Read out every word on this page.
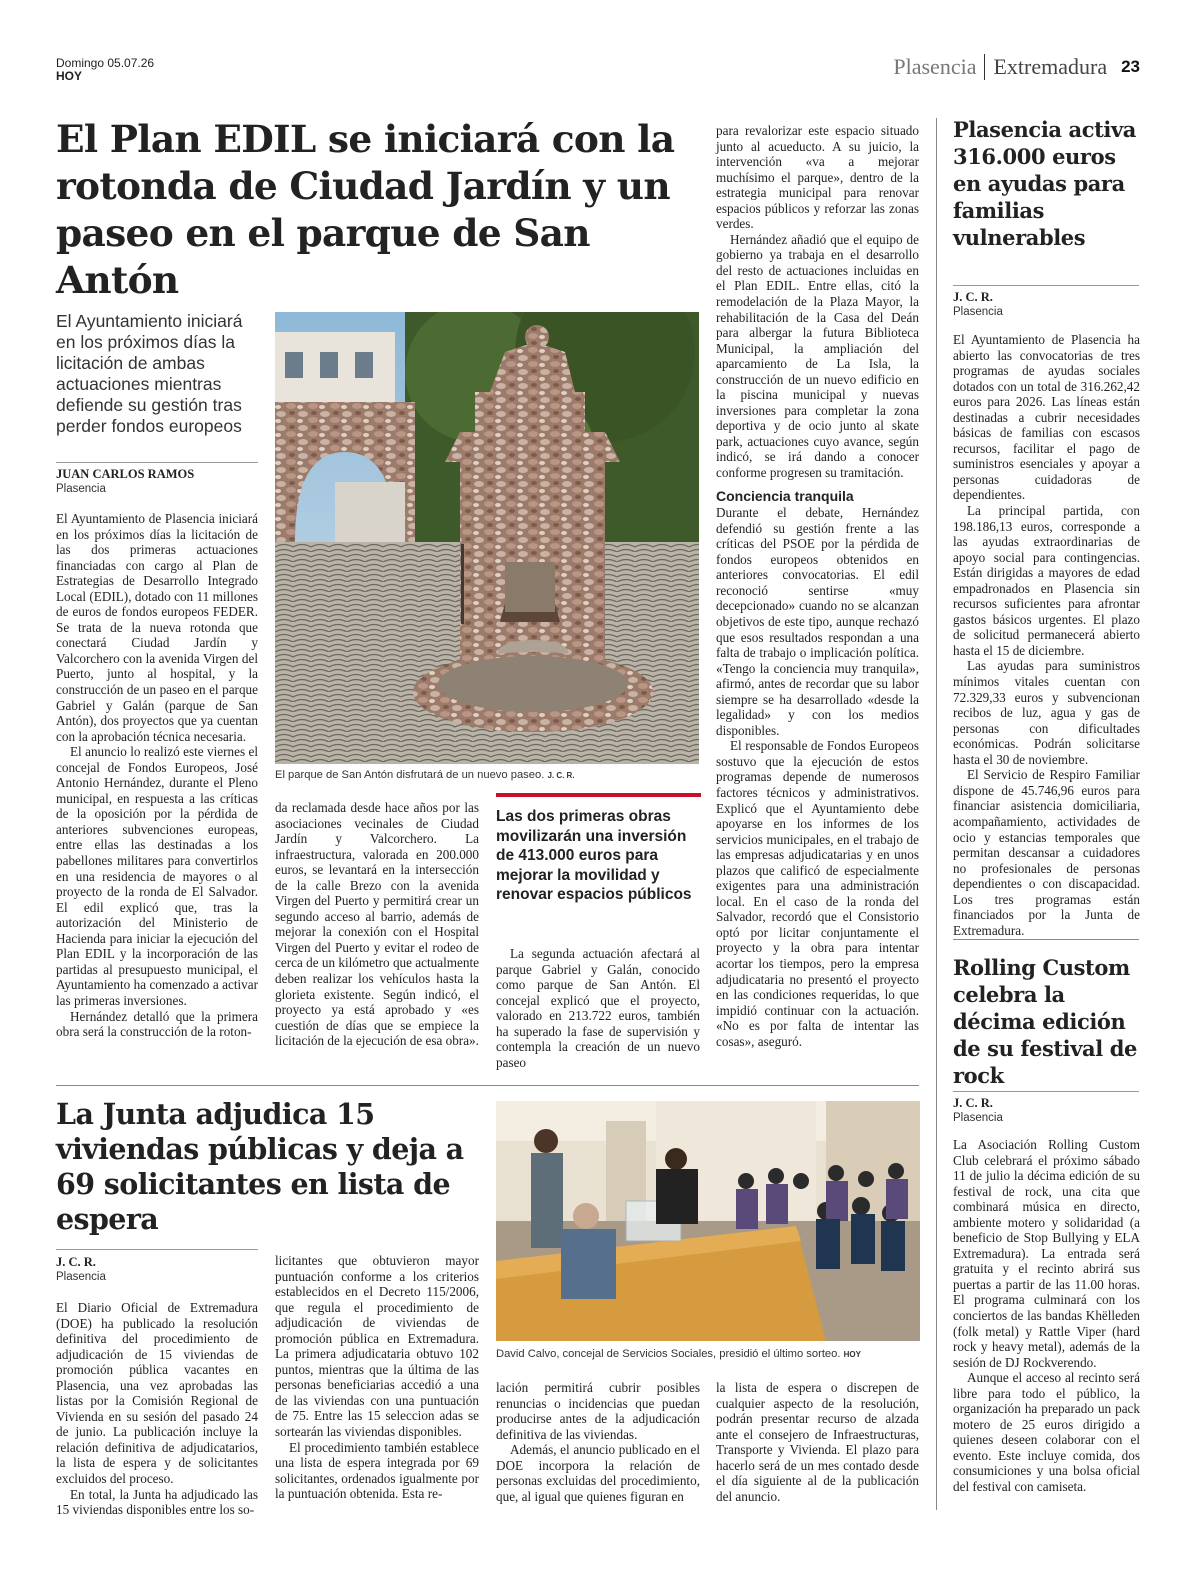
Domingo 05.07.26
HOY	Plasencia Extremadura 23
El Plan EDIL se iniciará con la rotonda de Ciudad Jardín y un paseo en el parque de San Antón
El Ayuntamiento iniciará en los próximos días la licitación de ambas actuaciones mientras defiende su gestión tras perder fondos europeos
JUAN CARLOS RAMOS
Plasencia

El Ayuntamiento de Plasencia iniciará en los próximos días la licitación de las dos primeras actuaciones financiadas con cargo al Plan de Estrategias de Desarrollo Integrado Local (EDIL), dotado con 11 millones de euros de fondos europeos FEDER. Se trata de la nueva rotonda que conectará Ciudad Jardín y Valcorchero con la avenida Virgen del Puerto, junto al hospital, y la construcción de un paseo en el parque Gabriel y Galán (parque de San Antón), dos proyectos que ya cuentan con la aprobación técnica necesaria.

El anuncio lo realizó este viernes el concejal de Fondos Europeos, José Antonio Hernández, durante el Pleno municipal, en respuesta a las críticas de la oposición por la pérdida de anteriores subvenciones europeas, entre ellas las destinadas a los pabellones militares para convertirlos en una residencia de mayores o al proyecto de la ronda de El Salvador. El edil explicó que, tras la autorización del Ministerio de Hacienda para iniciar la ejecución del Plan EDIL y la incorporación de las partidas al presupuesto municipal, el Ayuntamiento ha comenzado a activar las primeras inversiones.

Hernández detalló que la primera obra será la construcción de la roton-

El parque de San Antón disfrutará de un nuevo paseo. J. C. R.

da reclamada desde hace años por las asociaciones vecinales de Ciudad Jardín y Valcorchero. La infraestructura, valorada en 200.000 euros, se levantará en la intersección de la calle Brezo con la avenida Virgen del Puerto y permitirá crear un segundo acceso al barrio, además de mejorar la conexión con el Hospital Virgen del Puerto y evitar el rodeo de cerca de un kilómetro que actualmente deben realizar los vehículos hasta la glorieta existente. Según indicó, el proyecto ya está aprobado y «es cuestión de días que se empiece la licitación de la ejecución de esa obra».

Las dos primeras obras movilizarán una inversión de 413.000 euros para mejorar la movilidad y renovar espacios públicos

La segunda actuación afectará al parque Gabriel y Galán, conocido como parque de San Antón. El concejal explicó que el proyecto, valorado en 213.722 euros, también ha superado la fase de supervisión y contempla la creación de un nuevo paseo

para revalorizar este espacio situado junto al acueducto. A su juicio, la intervención «va a mejorar muchísimo el parque», dentro de la estrategia municipal para renovar espacios públicos y reforzar las zonas verdes.

Hernández añadió que el equipo de gobierno ya trabaja en el desarrollo del resto de actuaciones incluidas en el Plan EDIL. Entre ellas, citó la remodelación de la Plaza Mayor, la rehabilitación de la Casa del Deán para albergar la futura Biblioteca Municipal, la ampliación del aparcamiento de La Isla, la construcción de un nuevo edificio en la piscina municipal y nuevas inversiones para completar la zona deportiva y de ocio junto al skate park, actuaciones cuyo avance, según indicó, se irá dando a conocer conforme progresen su tramitación.

Conciencia tranquila

Durante el debate, Hernández defendió su gestión frente a las críticas del PSOE por la pérdida de fondos europeos obtenidos en anteriores convocatorias. El edil reconoció sentirse «muy decepcionado» cuando no se alcanzan objetivos de este tipo, aunque rechazó que esos resultados respondan a una falta de trabajo o implicación política. «Tengo la conciencia muy tranquila», afirmó, antes de recordar que su labor siempre se ha desarrollado «desde la legalidad» y con los medios disponibles.

El responsable de Fondos Europeos sostuvo que la ejecución de estos programas depende de numerosos factores técnicos y administrativos. Explicó que el Ayuntamiento debe apoyarse en los informes de los servicios municipales, en el trabajo de las empresas adjudicatarias y en unos plazos que calificó de especialmente exigentes para una administración local. En el caso de la ronda del Salvador, recordó que el Consistorio optó por licitar conjuntamente el proyecto y la obra para intentar acortar los tiempos, pero la empresa adjudicataria no presentó el proyecto en las condiciones requeridas, lo que impidió continuar con la actuación. «No es por falta de intentar las cosas», aseguró.

La Junta adjudica 15 viviendas públicas y deja a 69 solicitantes en lista de espera
J. C. R.
Plasencia

El Diario Oficial de Extremadura (DOE) ha publicado la resolución definitiva del procedimiento de adjudicación de 15 viviendas de promoción pública vacantes en Plasencia, una vez aprobadas las listas por la Comisión Regional de Vivienda en su sesión del pasado 24 de junio. La publicación incluye la relación definitiva de adjudicatarios, la lista de espera y de solicitantes excluidos del proceso.

En total, la Junta ha adjudicado las 15 viviendas disponibles entre los so-

licitantes que obtuvieron mayor puntuación conforme a los criterios establecidos en el Decreto 115/2006, que regula el procedimiento de adjudicación de viviendas de promoción pública en Extremadura. La primera adjudicataria obtuvo 102 puntos, mientras que la última de las personas beneficiarias accedió a una de las viviendas con una puntuación de 75. Entre las 15 seleccion adas se sortearán las viviendas disponibles.

El procedimiento también establece una lista de espera integrada por 69 solicitantes, ordenados igualmente por la puntuación obtenida. Esta re-

David Calvo, concejal de Servicios Sociales, presidió el último sorteo. HOY

lación permitirá cubrir posibles renuncias o incidencias que puedan producirse antes de la adjudicación definitiva de las viviendas.

Además, el anuncio publicado en el DOE incorpora la relación de personas excluidas del procedimiento, que, al igual que quienes figuran en

la lista de espera o discrepen de cualquier aspecto de la resolución, podrán presentar recurso de alzada ante el consejero de Infraestructuras, Transporte y Vivienda. El plazo para hacerlo será de un mes contado desde el día siguiente al de la publicación del anuncio.

Plasencia activa 316.000 euros en ayudas para familias vulnerables
J. C. R.
Plasencia

El Ayuntamiento de Plasencia ha abierto las convocatorias de tres programas de ayudas sociales dotados con un total de 316.262,42 euros para 2026. Las líneas están destinadas a cubrir necesidades básicas de familias con escasos recursos, facilitar el pago de suministros esenciales y apoyar a personas cuidadoras de dependientes.

La principal partida, con 198.186,13 euros, corresponde a las ayudas extraordinarias de apoyo social para contingencias. Están dirigidas a mayores de edad empadronados en Plasencia sin recursos suficientes para afrontar gastos básicos urgentes. El plazo de solicitud permanecerá abierto hasta el 15 de diciembre.

Las ayudas para suministros mínimos vitales cuentan con 72.329,33 euros y subvencionan recibos de luz, agua y gas de personas con dificultades económicas. Podrán solicitarse hasta el 30 de noviembre.

El Servicio de Respiro Familiar dispone de 45.746,96 euros para financiar asistencia domiciliaria, acompañamiento, actividades de ocio y estancias temporales que permitan descansar a cuidadores no profesionales de personas dependientes o con discapacidad. Los tres programas están financiados por la Junta de Extremadura.

Rolling Custom celebra la décima edición de su festival de rock
J. C. R.
Plasencia

La Asociación Rolling Custom Club celebrará el próximo sábado 11 de julio la décima edición de su festival de rock, una cita que combinará música en directo, ambiente motero y solidaridad (a beneficio de Stop Bullying y ELA Extremadura). La entrada será gratuita y el recinto abrirá sus puertas a partir de las 11.00 horas. El programa culminará con los conciertos de las bandas Khëlleden (folk metal) y Rattle Viper (hard rock y heavy metal), además de la sesión de DJ Rockverendo.

Aunque el acceso al recinto será libre para todo el público, la organización ha preparado un pack motero de 25 euros dirigido a quienes deseen colaborar con el evento. Este incluye comida, dos consumiciones y una bolsa oficial del festival con camiseta.
